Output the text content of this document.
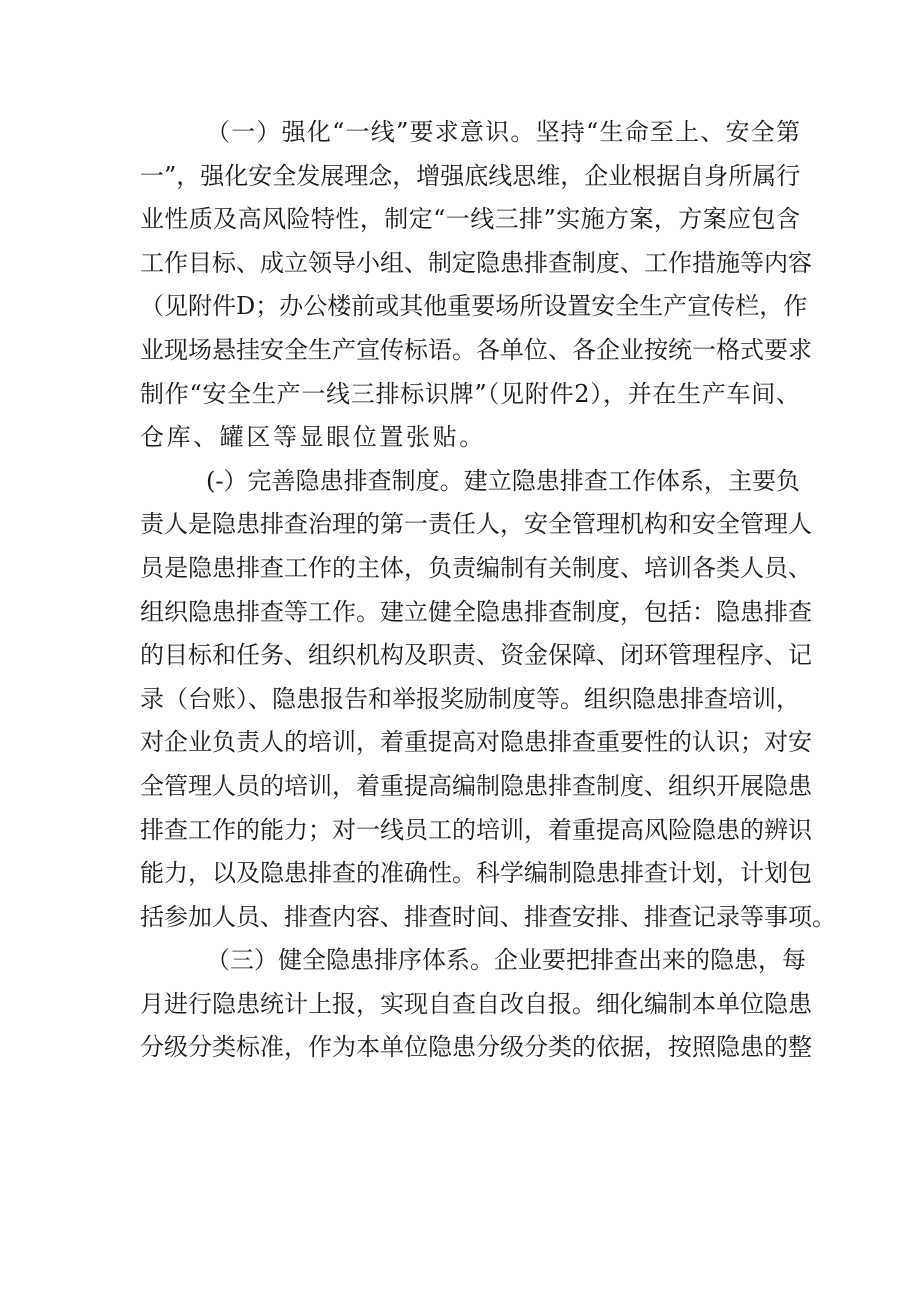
（一）强化“一线”要求意识。坚持“生命至上、安全第
一”，强化安全发展理念，增强底线思维，企业根据自身所属行
业性质及高风险特性，制定“一线三排”实施方案，方案应包含
工作目标、成立领导小组、制定隐患排查制度、工作措施等内容
（见附件D；办公楼前或其他重要场所设置安全生产宣传栏，作
业现场悬挂安全生产宣传标语。各单位、各企业按统一格式要求
制作“安全生产一线三排标识牌”（见附件2），并在生产车间、
仓库、罐区等显眼位置张贴。
(-）完善隐患排查制度。建立隐患排查工作体系，主要负
责人是隐患排查治理的第一责任人，安全管理机构和安全管理人
员是隐患排查工作的主体，负责编制有关制度、培训各类人员、
组织隐患排查等工作。建立健全隐患排查制度，包括：隐患排查
的目标和任务、组织机构及职责、资金保障、闭环管理程序、记
录（台账）、隐患报告和举报奖励制度等。组织隐患排查培训，
对企业负责人的培训，着重提高对隐患排查重要性的认识；对安
全管理人员的培训，着重提高编制隐患排查制度、组织开展隐患
排查工作的能力；对一线员工的培训，着重提高风险隐患的辨识
能力，以及隐患排查的准确性。科学编制隐患排查计划，计划包
括参加人员、排查内容、排查时间、排查安排、排查记录等事项。
（三）健全隐患排序体系。企业要把排查出来的隐患，每
月进行隐患统计上报，实现自查自改自报。细化编制本单位隐患
分级分类标准，作为本单位隐患分级分类的依据，按照隐患的整
